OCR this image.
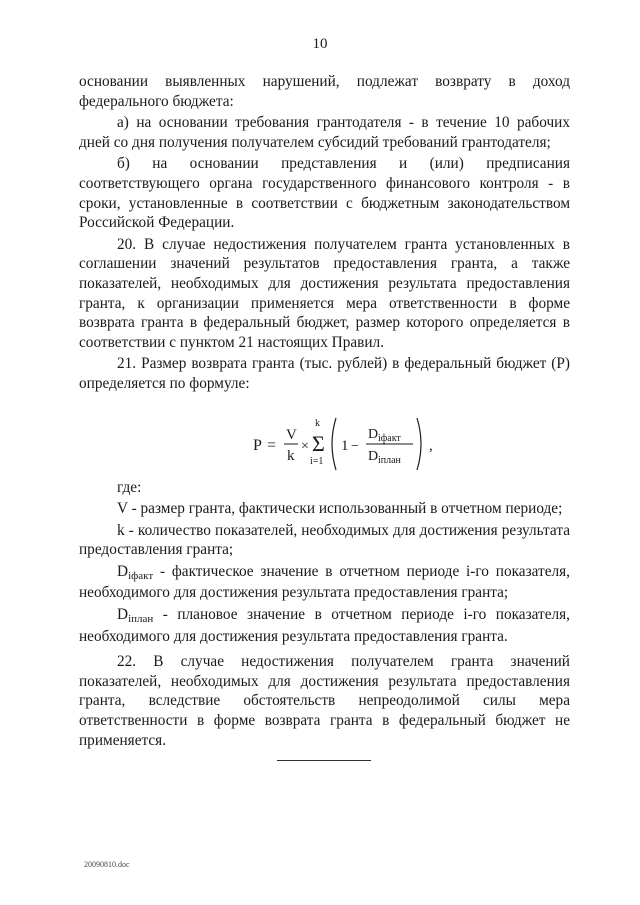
10

основании выявленных нарушений, подлежат возврату в доход федерального бюджета:

а) на основании требования грантодателя - в течение 10 рабочих дней со дня получения получателем субсидий требований грантодателя;

б) на основании представления и (или) предписания соответствующего органа государственного финансового контроля - в сроки, установленные в соответствии с бюджетным законодательством Российской Федерации.

20. В случае недостижения получателем гранта установленных в соглашении значений результатов предоставления гранта, а также показателей, необходимых для достижения результата предоставления гранта, к организации применяется мера ответственности в форме возврата гранта в федеральный бюджет, размер которого определяется в соответствии с пунктом 21 настоящих Правил.

21. Размер возврата гранта (тыс. рублей) в федеральный бюджет (P) определяется по формуле:

P =
V
k
×
k
Σ
i=1
1 −
D iфакт
D iплан
,

где:

V - размер гранта, фактически использованный в отчетном периоде;

k - количество показателей, необходимых для достижения результата предоставления гранта;

Diфакт - фактическое значение в отчетном периоде i-го показателя, необходимого для достижения результата предоставления гранта;

Diплан - плановое значение в отчетном периоде i-го показателя, необходимого для достижения результата предоставления гранта.

22. В случае недостижения получателем гранта значений показателей, необходимых для достижения результата предоставления гранта, вследствие обстоятельств непреодолимой силы мера ответственности в форме возврата гранта в федеральный бюджет не применяется.

20090810.doc
